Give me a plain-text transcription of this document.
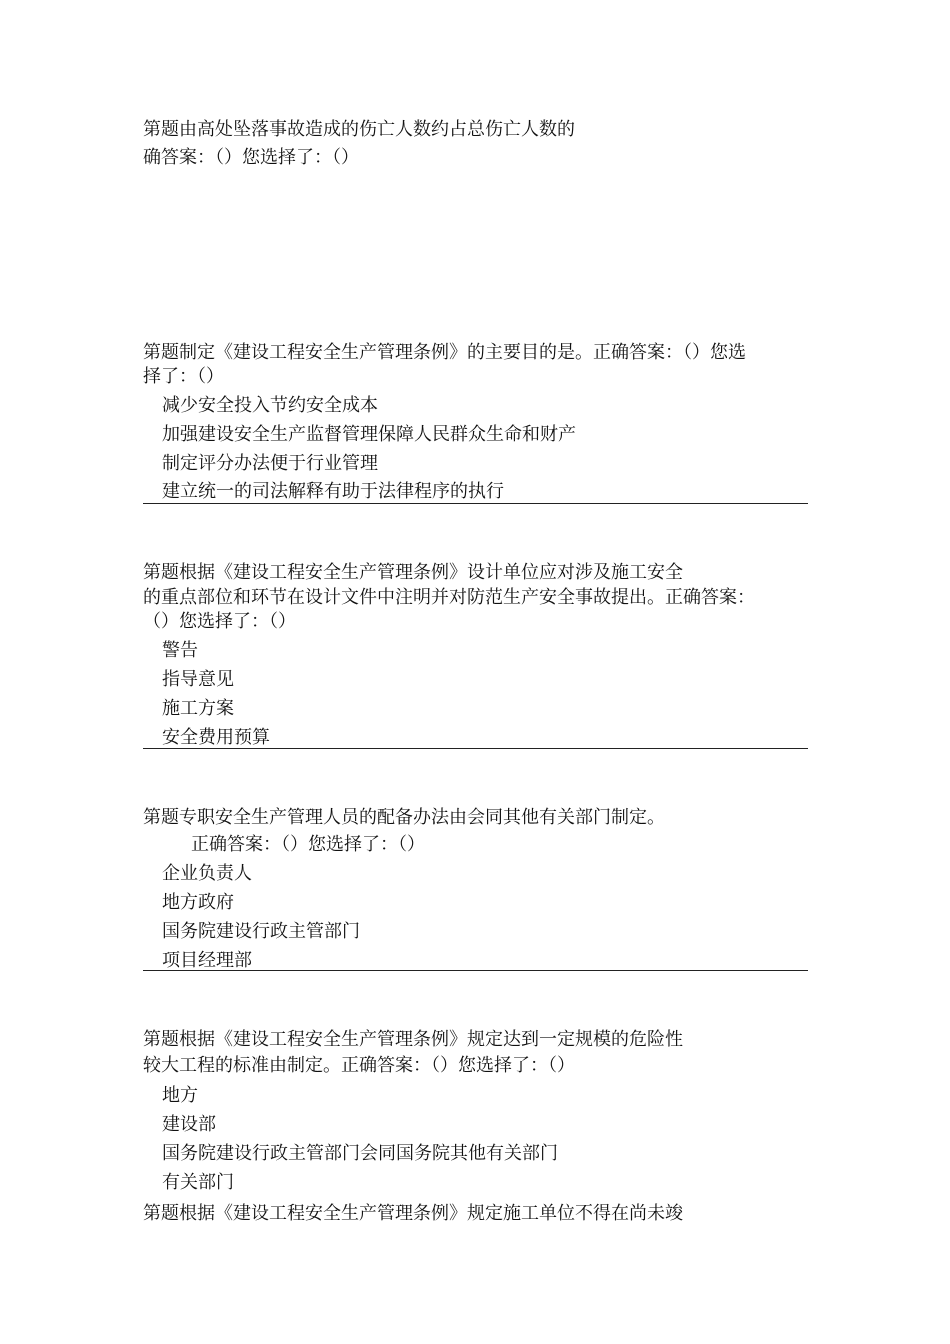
第题由高处坠落事故造成的伤亡人数约占总伤亡人数的
确答案：（）您选择了：（）
第题制定《建设工程安全生产管理条例》的主要目的是。正确答案：（）您选
择了：（）
减少安全投入节约安全成本
加强建设安全生产监督管理保障人民群众生命和财产
制定评分办法便于行业管理
建立统一的司法解释有助于法律程序的执行
第题根据《建设工程安全生产管理条例》设计单位应对涉及施工安全
的重点部位和环节在设计文件中注明并对防范生产安全事故提出。正确答案：
（）您选择了：（）
警告
指导意见
施工方案
安全费用预算
第题专职安全生产管理人员的配备办法由会同其他有关部门制定。
正确答案：（）您选择了：（）
企业负责人
地方政府
国务院建设行政主管部门
项目经理部
第题根据《建设工程安全生产管理条例》规定达到一定规模的危险性
较大工程的标准由制定。正确答案：（）您选择了：（）
地方
建设部
国务院建设行政主管部门会同国务院其他有关部门
有关部门
第题根据《建设工程安全生产管理条例》规定施工单位不得在尚未竣
